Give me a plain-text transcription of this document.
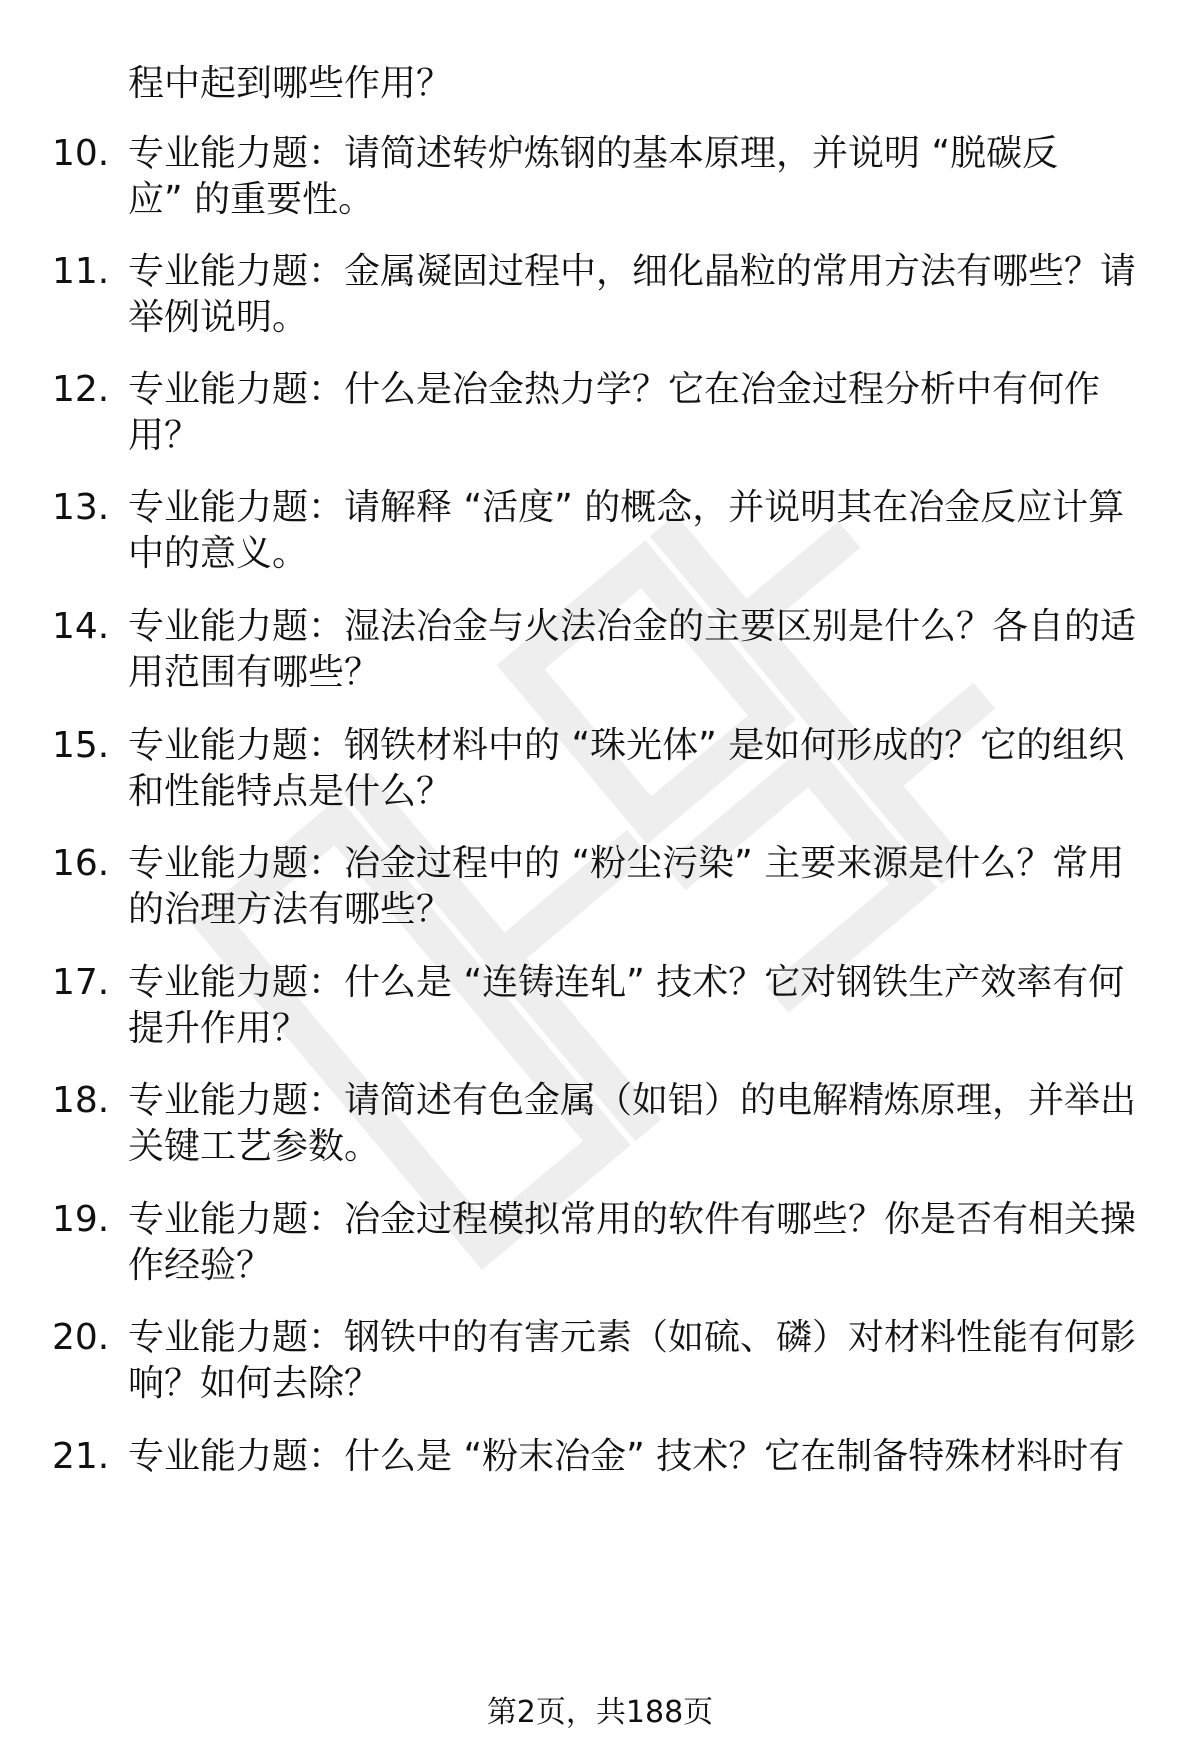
程中起到哪些作用？
10. 专业能力题：请简述转炉炼钢的基本原理，并说明 “脱碳反
应” 的重要性。
11. 专业能力题：金属凝固过程中，细化晶粒的常用方法有哪些？请
举例说明。
12. 专业能力题：什么是冶金热力学？它在冶金过程分析中有何作
用？
13. 专业能力题：请解释 “活度” 的概念，并说明其在冶金反应计算
中的意义。
14. 专业能力题：湿法冶金与火法冶金的主要区别是什么？各自的适
用范围有哪些？
15. 专业能力题：钢铁材料中的 “珠光体” 是如何形成的？它的组织
和性能特点是什么？
16. 专业能力题：冶金过程中的 “粉尘污染” 主要来源是什么？常用
的治理方法有哪些？
17. 专业能力题：什么是 “连铸连轧” 技术？它对钢铁生产效率有何
提升作用？
18. 专业能力题：请简述有色金属（如铝）的电解精炼原理，并举出
关键工艺参数。
19. 专业能力题：冶金过程模拟常用的软件有哪些？你是否有相关操
作经验？
20. 专业能力题：钢铁中的有害元素（如硫、磷）对材料性能有何影
响？如何去除？
21. 专业能力题：什么是 “粉末冶金” 技术？它在制备特殊材料时有
第2页，共188页
